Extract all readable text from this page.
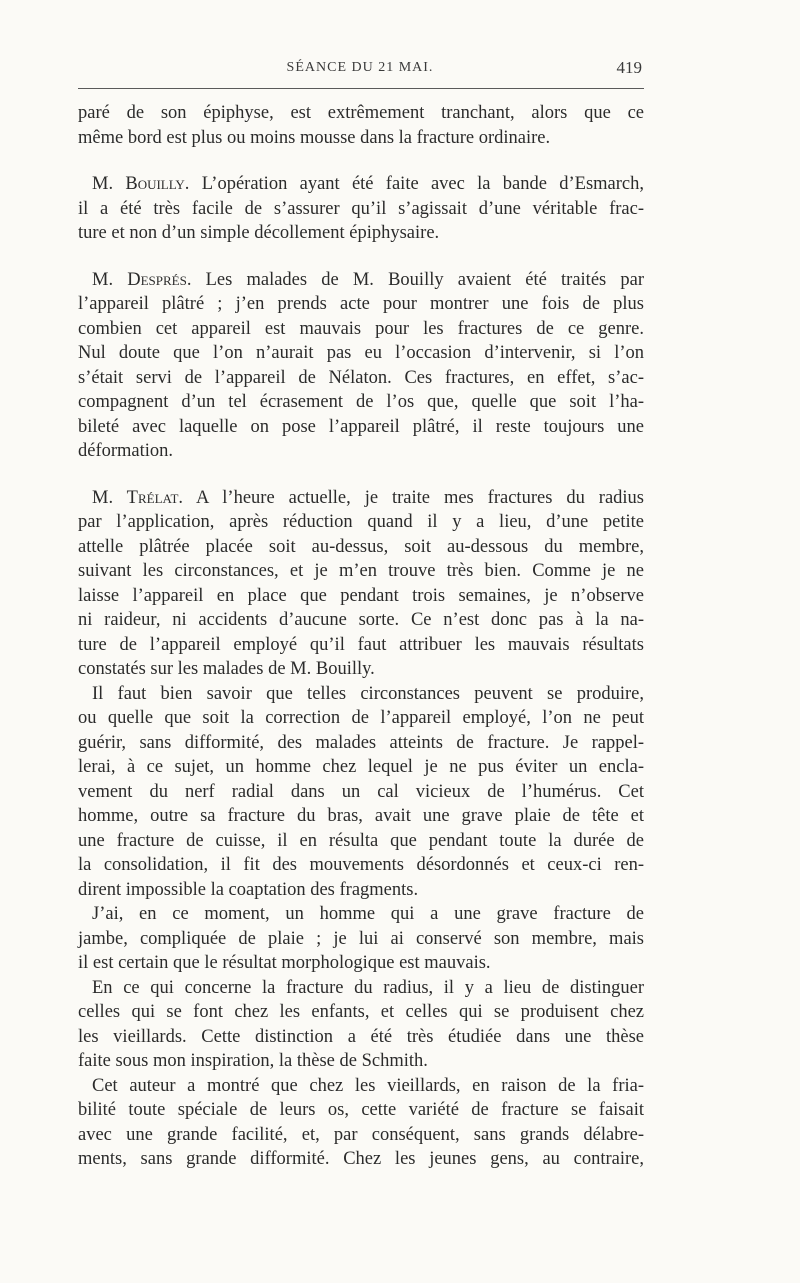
SÉANCE DU 21 MAI.	419
paré de son épiphyse, est extrêmement tranchant, alors que ce
même bord est plus ou moins mousse dans la fracture ordinaire.
M. Bouilly. L’opération ayant été faite avec la bande d’Esmarch,
il a été très facile de s’assurer qu’il s’agissait d’une véritable frac-
ture et non d’un simple décollement épiphysaire.
M. Després. Les malades de M. Bouilly avaient été traités par
l’appareil plâtré ; j’en prends acte pour montrer une fois de plus
combien cet appareil est mauvais pour les fractures de ce genre.
Nul doute que l’on n’aurait pas eu l’occasion d’intervenir, si l’on
s’était servi de l’appareil de Nélaton. Ces fractures, en effet, s’ac-
compagnent d’un tel écrasement de l’os que, quelle que soit l’ha-
bileté avec laquelle on pose l’appareil plâtré, il reste toujours une
déformation.
M. Trélat. A l’heure actuelle, je traite mes fractures du radius
par l’application, après réduction quand il y a lieu, d’une petite
attelle plâtrée placée soit au-dessus, soit au-dessous du membre,
suivant les circonstances, et je m’en trouve très bien. Comme je ne
laisse l’appareil en place que pendant trois semaines, je n’observe
ni raideur, ni accidents d’aucune sorte. Ce n’est donc pas à la na-
ture de l’appareil employé qu’il faut attribuer les mauvais résultats
constatés sur les malades de M. Bouilly.
Il faut bien savoir que telles circonstances peuvent se produire,
ou quelle que soit la correction de l’appareil employé, l’on ne peut
guérir, sans difformité, des malades atteints de fracture. Je rappel-
lerai, à ce sujet, un homme chez lequel je ne pus éviter un encla-
vement du nerf radial dans un cal vicieux de l’humérus. Cet
homme, outre sa fracture du bras, avait une grave plaie de tête et
une fracture de cuisse, il en résulta que pendant toute la durée de
la consolidation, il fit des mouvements désordonnés et ceux-ci ren-
dirent impossible la coaptation des fragments.
J’ai, en ce moment, un homme qui a une grave fracture de
jambe, compliquée de plaie ; je lui ai conservé son membre, mais
il est certain que le résultat morphologique est mauvais.
En ce qui concerne la fracture du radius, il y a lieu de distinguer
celles qui se font chez les enfants, et celles qui se produisent chez
les vieillards. Cette distinction a été très étudiée dans une thèse
faite sous mon inspiration, la thèse de Schmith.
Cet auteur a montré que chez les vieillards, en raison de la fria-
bilité toute spéciale de leurs os, cette variété de fracture se faisait
avec une grande facilité, et, par conséquent, sans grands délabre-
ments, sans grande difformité. Chez les jeunes gens, au contraire,
